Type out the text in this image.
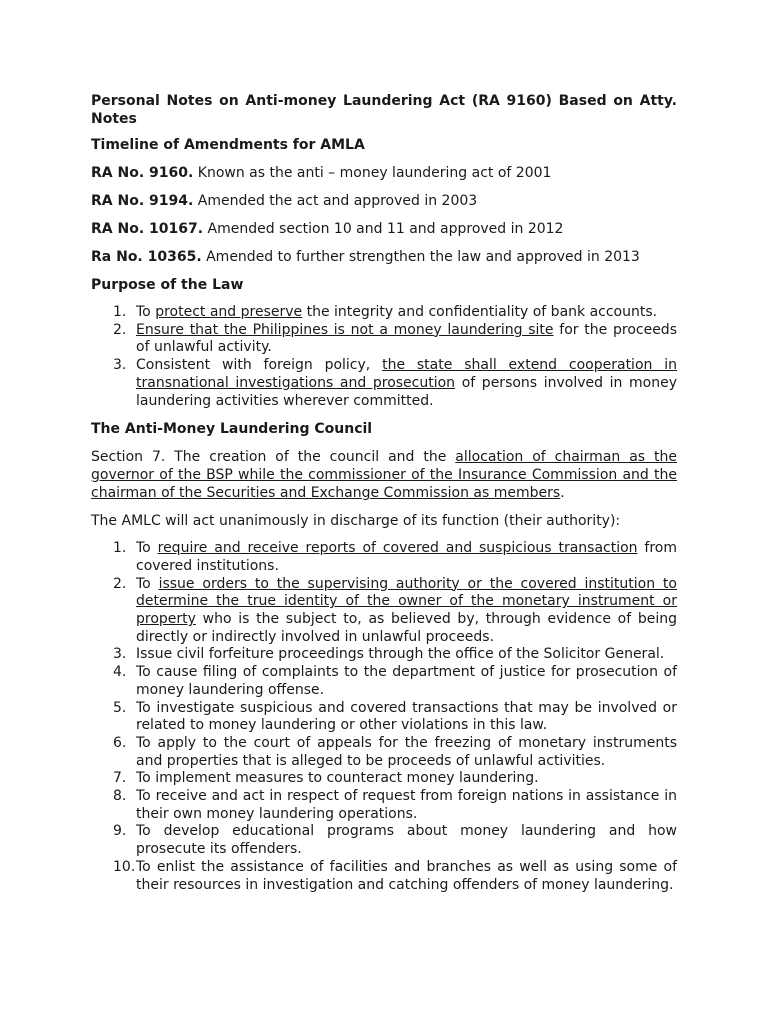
Personal Notes on Anti-money Laundering Act (RA 9160) Based on Atty. Notes
Timeline of Amendments for AMLA
RA No. 9160. Known as the anti – money laundering act of 2001
RA No. 9194. Amended the act and approved in 2003
RA No. 10167. Amended section 10 and 11 and approved in 2012
Ra No. 10365. Amended to further strengthen the law and approved in 2013
Purpose of the Law
1. To protect and preserve the integrity and confidentiality of bank accounts.
2. Ensure that the Philippines is not a money laundering site for the proceeds of unlawful activity.
3. Consistent with foreign policy, the state shall extend cooperation in transnational investigations and prosecution of persons involved in money laundering activities wherever committed.
The Anti-Money Laundering Council
Section 7. The creation of the council and the allocation of chairman as the governor of the BSP while the commissioner of the Insurance Commission and the chairman of the Securities and Exchange Commission as members.
The AMLC will act unanimously in discharge of its function (their authority):
1. To require and receive reports of covered and suspicious transaction from covered institutions.
2. To issue orders to the supervising authority or the covered institution to determine the true identity of the owner of the monetary instrument or property who is the subject to, as believed by, through evidence of being directly or indirectly involved in unlawful proceeds.
3. Issue civil forfeiture proceedings through the office of the Solicitor General.
4. To cause filing of complaints to the department of justice for prosecution of money laundering offense.
5. To investigate suspicious and covered transactions that may be involved or related to money laundering or other violations in this law.
6. To apply to the court of appeals for the freezing of monetary instruments and properties that is alleged to be proceeds of unlawful activities.
7. To implement measures to counteract money laundering.
8. To receive and act in respect of request from foreign nations in assistance in their own money laundering operations.
9. To develop educational programs about money laundering and how prosecute its offenders.
10. To enlist the assistance of facilities and branches as well as using some of their resources in investigation and catching offenders of money laundering.
